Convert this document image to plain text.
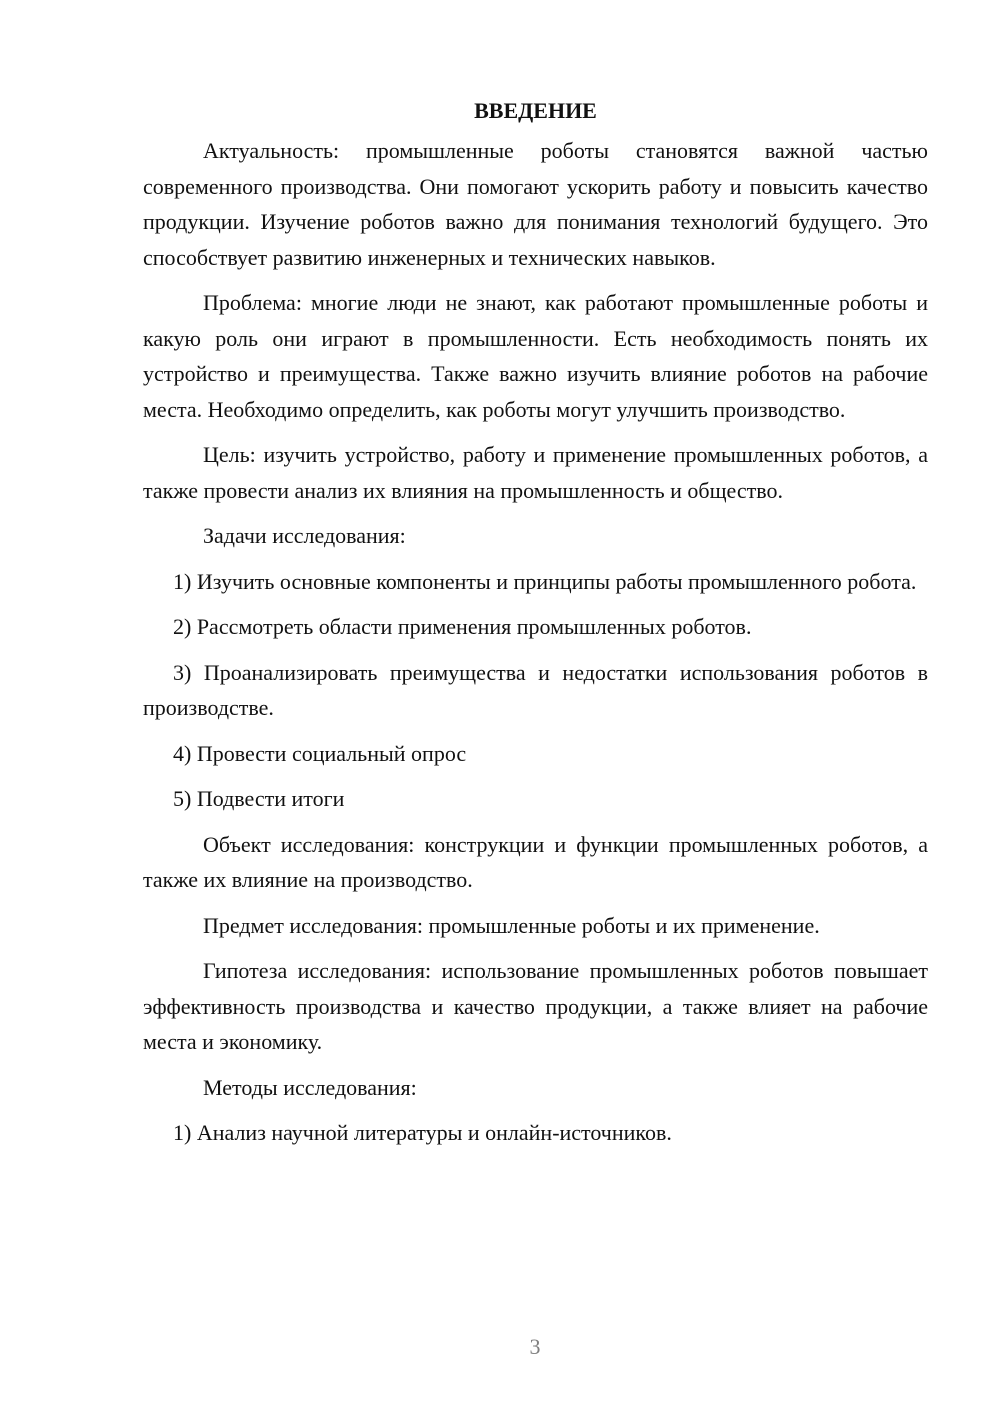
ВВЕДЕНИЕ

Актуальность: промышленные роботы становятся важной частью современного производства. Они помогают ускорить работу и повысить качество продукции. Изучение роботов важно для понимания технологий будущего. Это способствует развитию инженерных и технических навыков.

Проблема: многие люди не знают, как работают промышленные роботы и какую роль они играют в промышленности. Есть необходимость понять их устройство и преимущества. Также важно изучить влияние роботов на рабочие места. Необходимо определить, как роботы могут улучшить производство.

Цель: изучить устройство, работу и применение промышленных роботов, а также провести анализ их влияния на промышленность и общество.

Задачи исследования:

1) Изучить основные компоненты и принципы работы промышленного робота.

2) Рассмотреть области применения промышленных роботов.

3) Проанализировать преимущества и недостатки использования роботов в производстве.

4) Провести социальный опрос

5) Подвести итоги

Объект исследования: конструкции и функции промышленных роботов, а также их влияние на производство.

Предмет исследования: промышленные роботы и их применение.

Гипотеза исследования: использование промышленных роботов повышает эффективность производства и качество продукции, а также влияет на рабочие места и экономику.

Методы исследования:

1) Анализ научной литературы и онлайн-источников.

3
